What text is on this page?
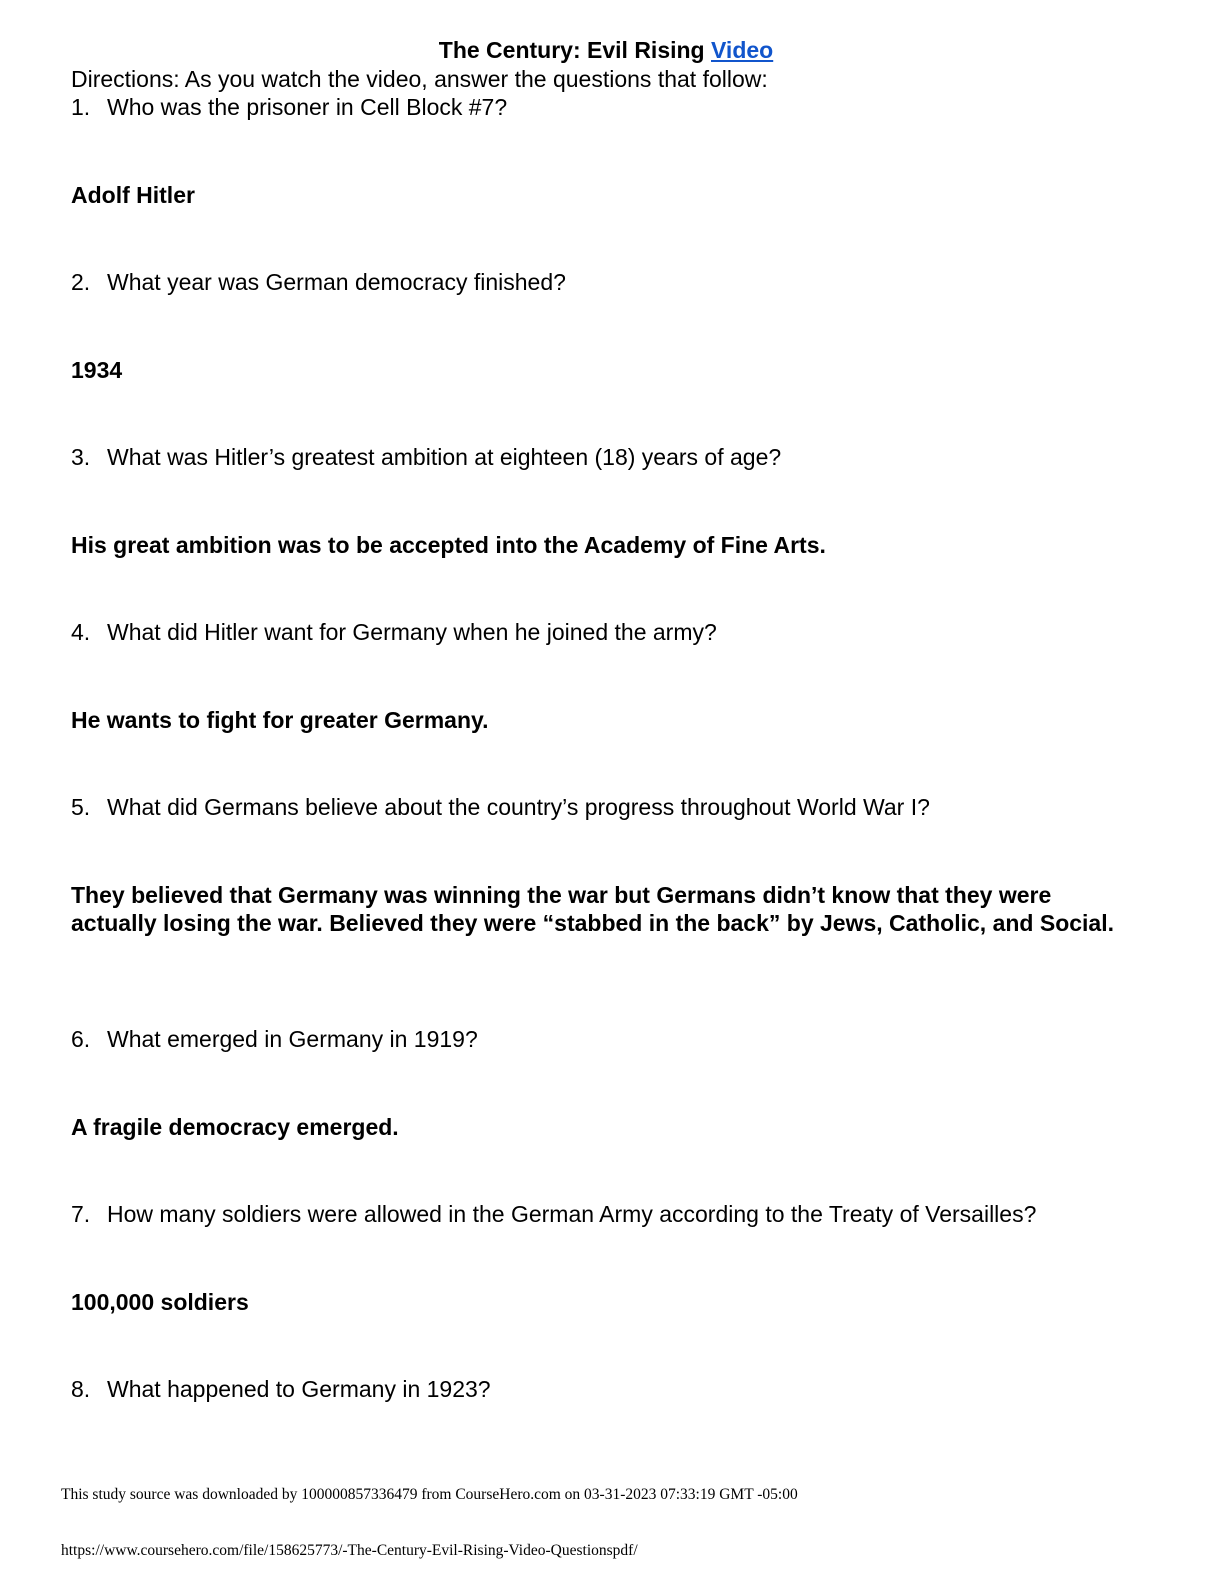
The Century: Evil Rising Video
Directions: As you watch the video, answer the questions that follow:
1. Who was the prisoner in Cell Block #7?
Adolf Hitler
2. What year was German democracy finished?
1934
3. What was Hitler’s greatest ambition at eighteen (18) years of age?
His great ambition was to be accepted into the Academy of Fine Arts.
4. What did Hitler want for Germany when he joined the army?
He wants to fight for greater Germany.
5. What did Germans believe about the country’s progress throughout World War I?
They believed that Germany was winning the war but Germans didn’t know that they were actually losing the war. Believed they were “stabbed in the back” by Jews, Catholic, and Social.
6. What emerged in Germany in 1919?
A fragile democracy emerged.
7. How many soldiers were allowed in the German Army according to the Treaty of Versailles?
100,000 soldiers
8. What happened to Germany in 1923?
This study source was downloaded by 100000857336479 from CourseHero.com on 03-31-2023 07:33:19 GMT -05:00
https://www.coursehero.com/file/158625773/-The-Century-Evil-Rising-Video-Questionspdf/
